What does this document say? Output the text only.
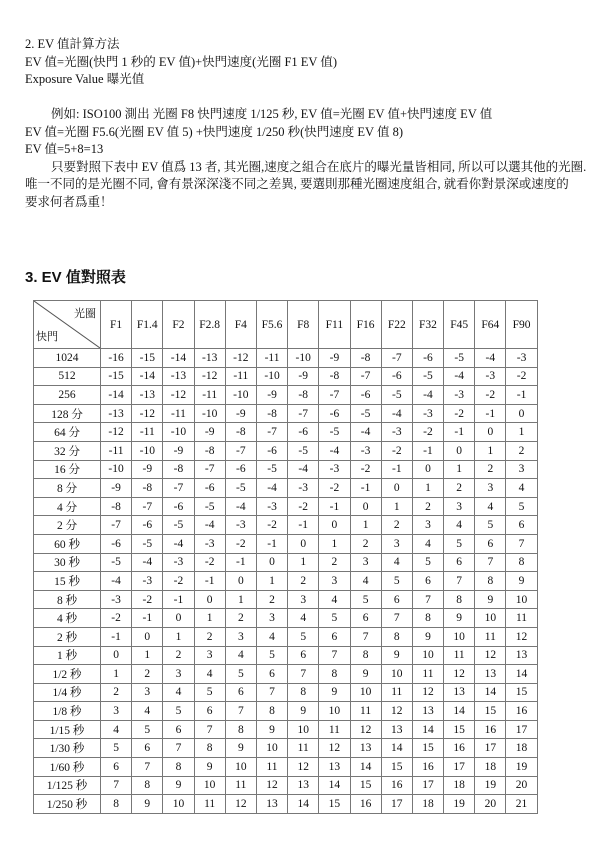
2. EV 值計算方法
EV 值=光圈(快門 1 秒的 EV 值)+快門速度(光圈 F1 EV 值)
Exposure Value 曝光值
例如: ISO100 測出 光圈 F8 快門速度 1/125 秒, EV 值=光圈 EV 值+快門速度 EV 值
EV 值=光圈 F5.6(光圈 EV 值 5) +快門速度 1/250 秒(快門速度 EV 值 8)
EV 值=5+8=13
只要對照下表中 EV 值爲 13 者, 其光圈,速度之組合在底片的曝光量皆相同, 所以可以選其他的光圈.
唯一不同的是光圈不同, 會有景深深淺不同之差異, 要選則那種光圈速度組合, 就看你對景深或速度的
要求何者爲重！
3. EV 值對照表
光圈
快門	F1	F1.4	F2	F2.8	F4	F5.6	F8	F11	F16	F22	F32	F45	F64	F90
1024	-16	-15	-14	-13	-12	-11	-10	-9	-8	-7	-6	-5	-4	-3
512	-15	-14	-13	-12	-11	-10	-9	-8	-7	-6	-5	-4	-3	-2
256	-14	-13	-12	-11	-10	-9	-8	-7	-6	-5	-4	-3	-2	-1
128 分	-13	-12	-11	-10	-9	-8	-7	-6	-5	-4	-3	-2	-1	0
64 分	-12	-11	-10	-9	-8	-7	-6	-5	-4	-3	-2	-1	0	1
32 分	-11	-10	-9	-8	-7	-6	-5	-4	-3	-2	-1	0	1	2
16 分	-10	-9	-8	-7	-6	-5	-4	-3	-2	-1	0	1	2	3
8 分	-9	-8	-7	-6	-5	-4	-3	-2	-1	0	1	2	3	4
4 分	-8	-7	-6	-5	-4	-3	-2	-1	0	1	2	3	4	5
2 分	-7	-6	-5	-4	-3	-2	-1	0	1	2	3	4	5	6
60 秒	-6	-5	-4	-3	-2	-1	0	1	2	3	4	5	6	7
30 秒	-5	-4	-3	-2	-1	0	1	2	3	4	5	6	7	8
15 秒	-4	-3	-2	-1	0	1	2	3	4	5	6	7	8	9
8 秒	-3	-2	-1	0	1	2	3	4	5	6	7	8	9	10
4 秒	-2	-1	0	1	2	3	4	5	6	7	8	9	10	11
2 秒	-1	0	1	2	3	4	5	6	7	8	9	10	11	12
1 秒	0	1	2	3	4	5	6	7	8	9	10	11	12	13
1/2 秒	1	2	3	4	5	6	7	8	9	10	11	12	13	14
1/4 秒	2	3	4	5	6	7	8	9	10	11	12	13	14	15
1/8 秒	3	4	5	6	7	8	9	10	11	12	13	14	15	16
1/15 秒	4	5	6	7	8	9	10	11	12	13	14	15	16	17
1/30 秒	5	6	7	8	9	10	11	12	13	14	15	16	17	18
1/60 秒	6	7	8	9	10	11	12	13	14	15	16	17	18	19
1/125 秒	7	8	9	10	11	12	13	14	15	16	17	18	19	20
1/250 秒	8	9	10	11	12	13	14	15	16	17	18	19	20	21
